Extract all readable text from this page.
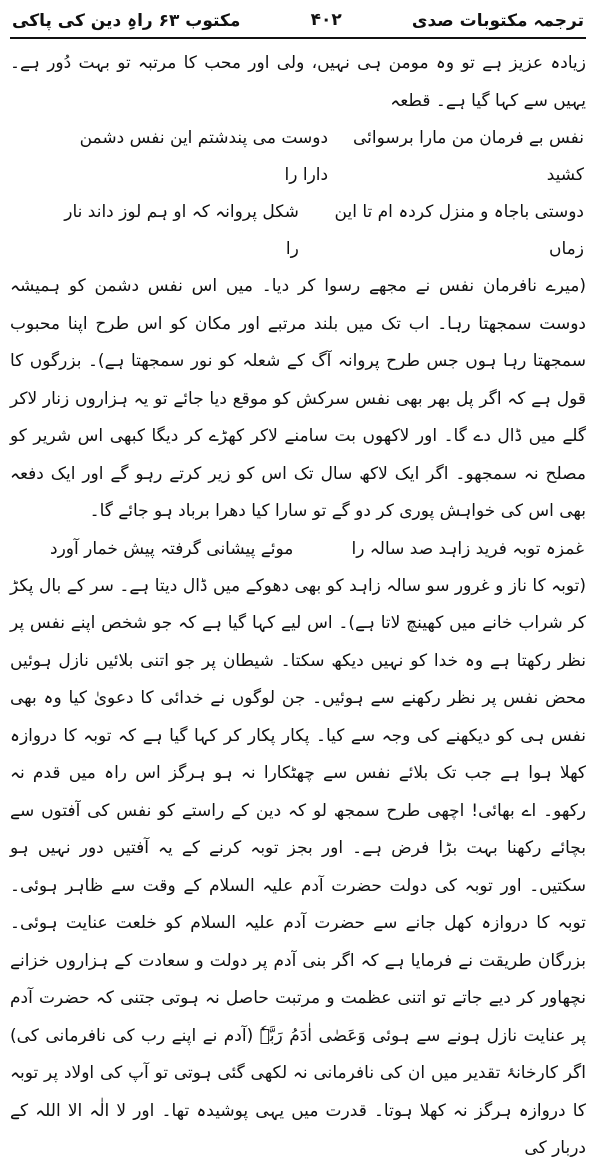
ترجمہ مکتوبات صدی
۴۰۲
مکتوب ۶۳ راہِ دین کی پاکی

زیادہ عزیز ہے تو وہ مومن ہی نہیں، ولی اور محب کا مرتبہ تو بہت دُور ہے۔ یہیں سے کہا گیا ہے۔ قطعہ

نفس بے فرمان من مارا برسوائی کشید
دوست می پندشتم این نفس دشمن دارا را
دوستی باجاہ و منزل کردہ ام تا این زماں
شکل پروانہ کہ او ہم لوز داند نار را

(میرے نافرمان نفس نے مجھے رسوا کر دیا۔ میں اس نفس دشمن کو ہمیشہ دوست سمجھتا رہا۔ اب تک میں بلند مرتبے اور مکان کو اس طرح اپنا محبوب سمجھتا رہا ہوں جس طرح پروانہ آگ کے شعلہ کو نور سمجھتا ہے)۔ بزرگوں کا قول ہے کہ اگر پل بھر بھی نفس سرکش کو موقع دیا جائے تو یہ ہزاروں زنار لاکر گلے میں ڈال دے گا۔ اور لاکھوں بت سامنے لاکر کھڑے کر دیگا کبھی اس شریر کو مصلح نہ سمجھو۔ اگر ایک لاکھ سال تک اس کو زیر کرتے رہو گے اور ایک دفعہ بھی اس کی خواہش پوری کر دو گے تو سارا کیا دھرا برباد ہو جائے گا۔

غمزہ توبہ فرید زاہد صد سالہ را
موئے پیشانی گرفتہ پیش خمار آورد

(توبہ کا ناز و غرور سو سالہ زاہد کو بھی دھوکے میں ڈال دیتا ہے۔ سر کے بال پکڑ کر شراب خانے میں کھینچ لاتا ہے)۔ اس لیے کہا گیا ہے کہ جو شخص اپنے نفس پر نظر رکھتا ہے وہ خدا کو نہیں دیکھ سکتا۔ شیطان پر جو اتنی بلائیں نازل ہوئیں محض نفس پر نظر رکھنے سے ہوئیں۔ جن لوگوں نے خدائی کا دعویٰ کیا وہ بھی نفس ہی کو دیکھنے کی وجہ سے کیا۔ پکار پکار کر کہا گیا ہے کہ توبہ کا دروازہ کھلا ہوا ہے جب تک بلائے نفس سے چھٹکارا نہ ہو ہرگز اس راہ میں قدم نہ رکھو۔ اے بھائی! اچھی طرح سمجھ لو کہ دین کے راستے کو نفس کی آفتوں سے بچائے رکھنا بہت بڑا فرض ہے۔ اور بجز توبہ کرنے کے یہ آفتیں دور نہیں ہو سکتیں۔ اور توبہ کی دولت حضرت آدم علیہ السلام کے وقت سے ظاہر ہوئی۔ توبہ کا دروازہ کھل جانے سے حضرت آدم علیہ السلام کو خلعت عنایت ہوئی۔ بزرگان طریقت نے فرمایا ہے کہ اگر بنی آدم پر دولت و سعادت کے ہزاروں خزانے نچھاور کر دیے جاتے تو اتنی عظمت و مرتبت حاصل نہ ہوتی جتنی کہ حضرت آدم پر عنایت نازل ہونے سے ہوئی وَعَصٰی اٰدَمُ رَبَّہٗ (آدم نے اپنے رب کی نافرمانی کی) اگر کارخانۂ تقدیر میں ان کی نافرمانی نہ لکھی گئی ہوتی تو آپ کی اولاد پر توبہ کا دروازہ ہرگز نہ کھلا ہوتا۔ قدرت میں یہی پوشیدہ تھا۔ اور لا الٰہ الا اللہ کے دربار کی
